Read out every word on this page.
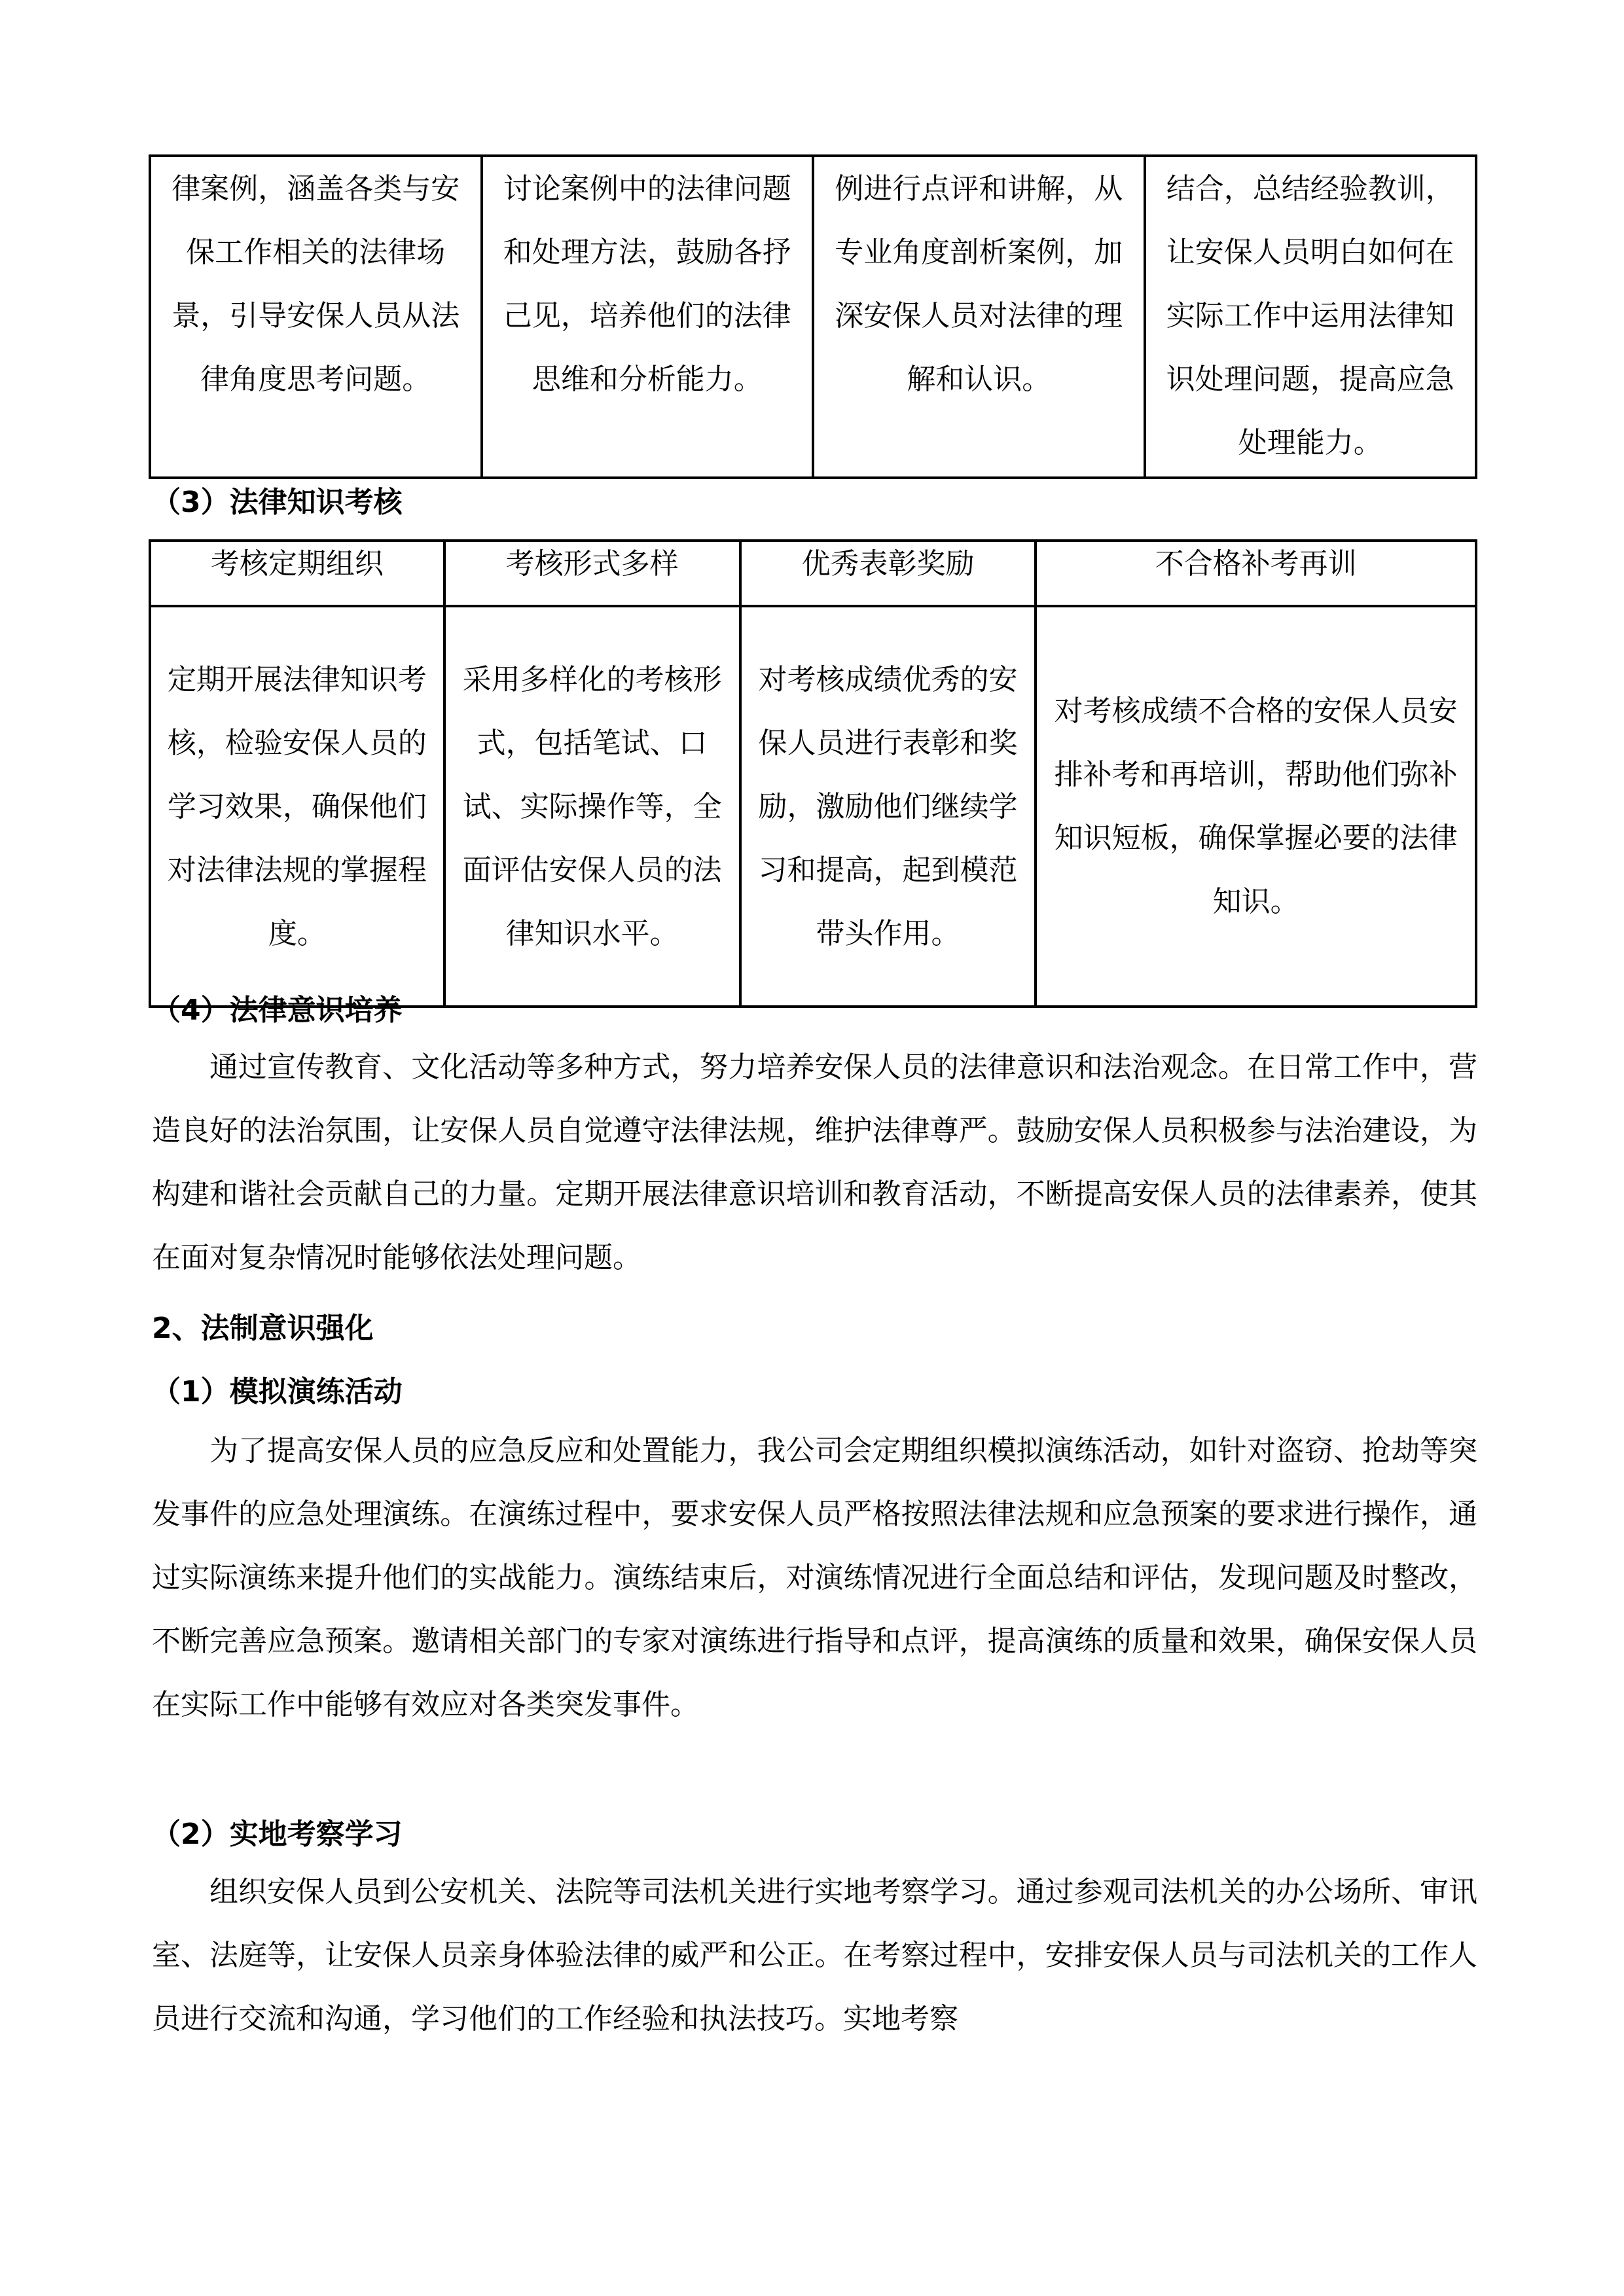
律案例，涵盖各类与安保工作相关的法律场景，引导安保人员从法律角度思考问题。	讨论案例中的法律问题和处理方法，鼓励各抒己见，培养他们的法律思维和分析能力。	例进行点评和讲解，从专业角度剖析案例，加深安保人员对法律的理解和认识。	结合，总结经验教训，让安保人员明白如何在实际工作中运用法律知识处理问题，提高应急处理能力。
（3）法律知识考核
考核定期组织	考核形式多样	优秀表彰奖励	不合格补考再训
定期开展法律知识考核，检验安保人员的学习效果，确保他们对法律法规的掌握程度。	采用多样化的考核形式，包括笔试、口试、实际操作等，全面评估安保人员的法律知识水平。	对考核成绩优秀的安保人员进行表彰和奖励，激励他们继续学习和提高，起到模范带头作用。	对考核成绩不合格的安保人员安排补考和再培训，帮助他们弥补知识短板，确保掌握必要的法律知识。
（4）法律意识培养
通过宣传教育、文化活动等多种方式，努力培养安保人员的法律意识和法治观念。在日常工作中，营造良好的法治氛围，让安保人员自觉遵守法律法规，维护法律尊严。鼓励安保人员积极参与法治建设，为构建和谐社会贡献自己的力量。定期开展法律意识培训和教育活动，不断提高安保人员的法律素养，使其在面对复杂情况时能够依法处理问题。
2、法制意识强化
（1）模拟演练活动
为了提高安保人员的应急反应和处置能力，我公司会定期组织模拟演练活动，如针对盗窃、抢劫等突发事件的应急处理演练。在演练过程中，要求安保人员严格按照法律法规和应急预案的要求进行操作，通过实际演练来提升他们的实战能力。演练结束后，对演练情况进行全面总结和评估，发现问题及时整改，不断完善应急预案。邀请相关部门的专家对演练进行指导和点评，提高演练的质量和效果，确保安保人员在实际工作中能够有效应对各类突发事件。
（2）实地考察学习
组织安保人员到公安机关、法院等司法机关进行实地考察学习。通过参观司法机关的办公场所、审讯室、法庭等，让安保人员亲身体验法律的威严和公正。在考察过程中，安排安保人员与司法机关的工作人员进行交流和沟通，学习他们的工作经验和执法技巧。实地考察
